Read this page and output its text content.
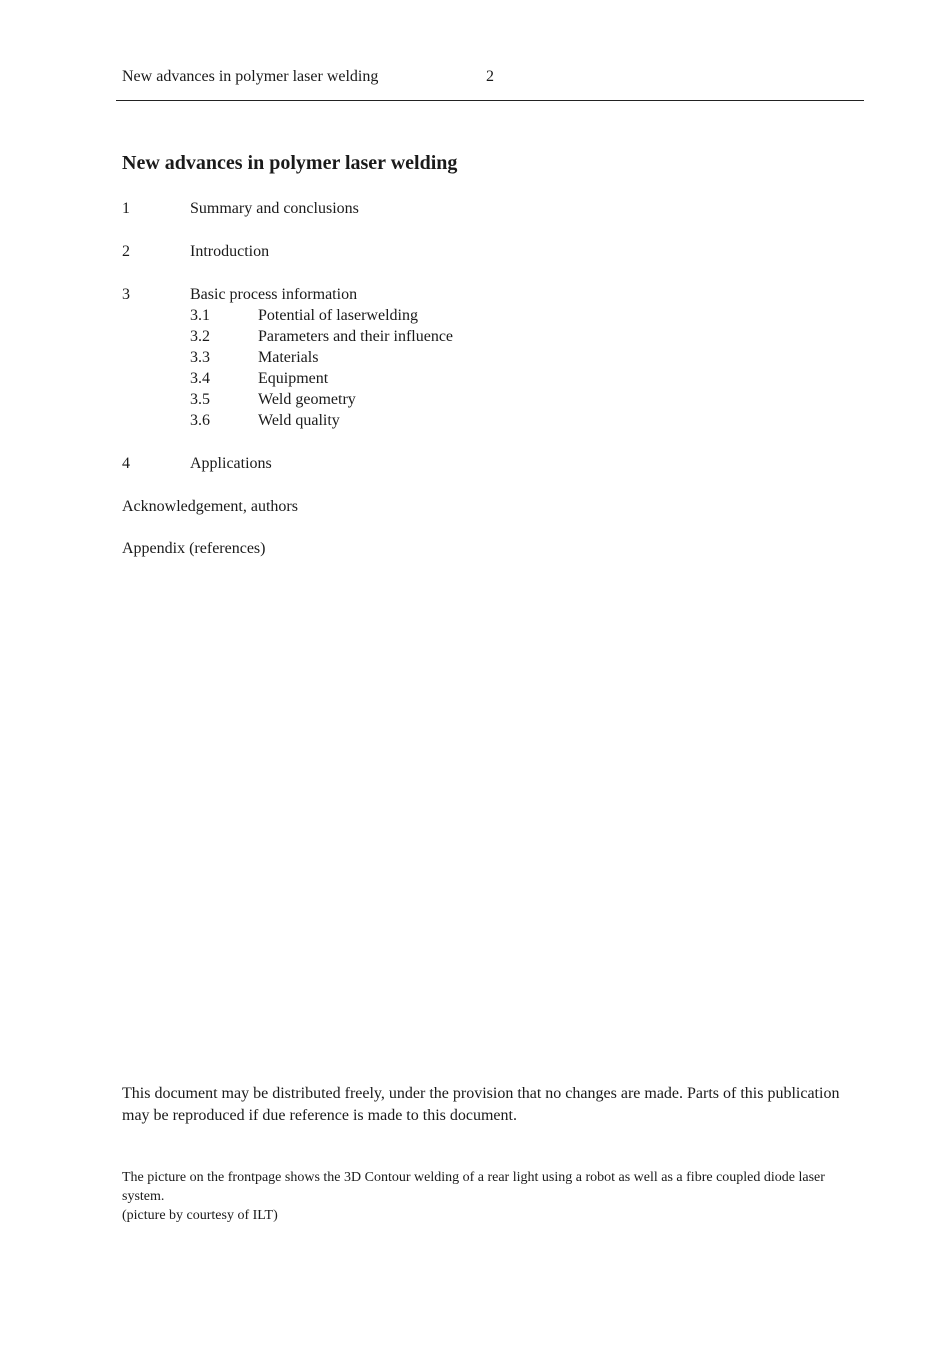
New advances in polymer laser welding	2
New advances in polymer laser welding
1	Summary and conclusions
2	Introduction
3	Basic process information
3.1	Potential of laserwelding
3.2	Parameters and their influence
3.3	Materials
3.4	Equipment
3.5	Weld geometry
3.6	Weld quality
4	Applications
Acknowledgement, authors
Appendix (references)

This document may be distributed freely, under the provision that no changes are made. Parts of this publication may be reproduced if due reference is made to this document.

The picture on the frontpage shows the 3D Contour welding of a rear light using a robot as well as a fibre coupled diode laser system.
(picture by courtesy of ILT)
